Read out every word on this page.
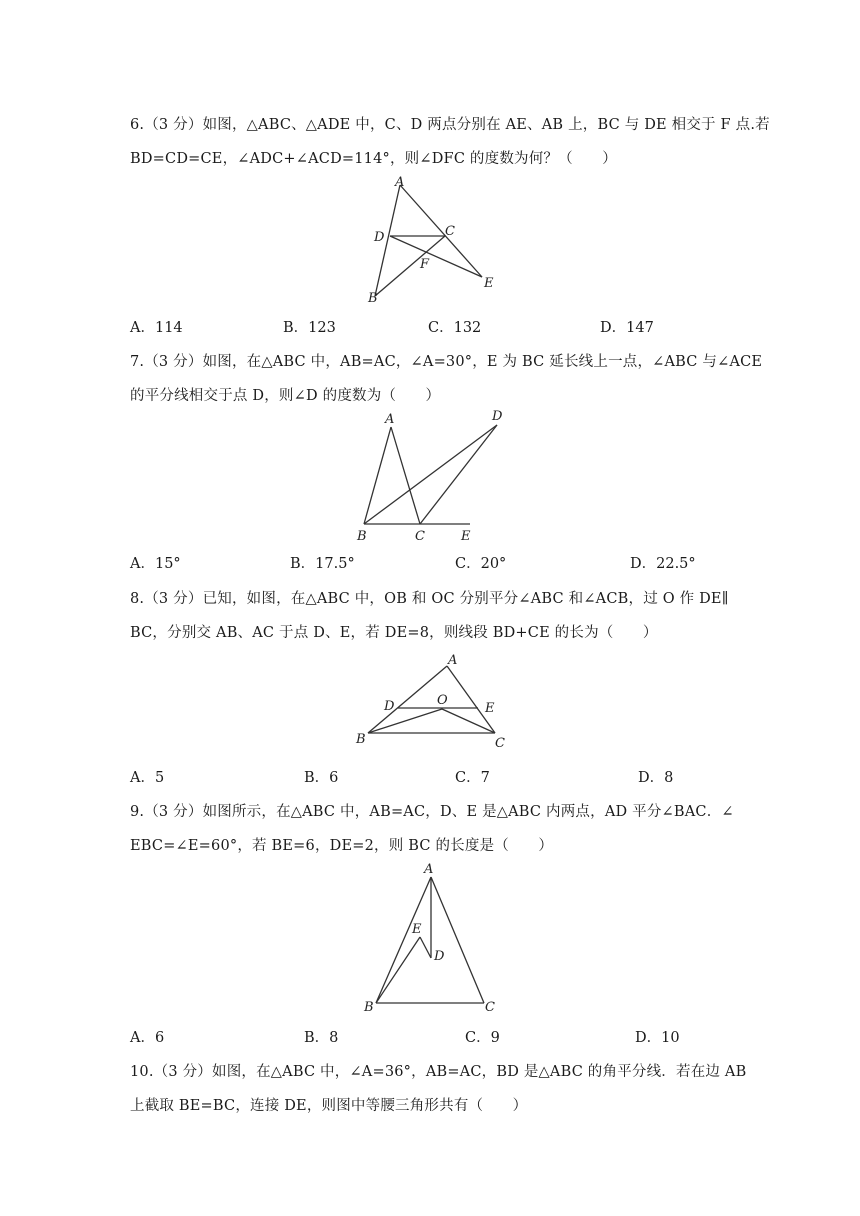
6.（3 分）如图，△ABC、△ADE 中，C、D 两点分别在 AE、AB 上，BC 与 DE 相交于 F 点.若
BD=CD=CE，∠ADC+∠ACD=114°，则∠DFC 的度数为何？（　　）
A
D	C
F
E
B
A．114	B．123	C．132	D．147
7.（3 分）如图，在△ABC 中，AB=AC，∠A=30°，E 为 BC 延长线上一点，∠ABC 与∠ACE
的平分线相交于点 D，则∠D 的度数为（　　）
A	D
B	C	E
A．15°	B．17.5°	C．20°	D．22.5°
8.（3 分）已知，如图，在△ABC 中，OB 和 OC 分别平分∠ABC 和∠ACB，过 O 作 DE∥
BC，分别交 AB、AC 于点 D、E，若 DE=8，则线段 BD+CE 的长为（　　）
A
D	O
E
B	C
A．5	B．6	C．7	D．8
9.（3 分）如图所示，在△ABC 中，AB=AC，D、E 是△ABC 内两点，AD 平分∠BAC．∠
EBC=∠E=60°，若 BE=6，DE=2，则 BC 的长度是（　　）
A
E
D
B	C
A．6	B．8	C．9	D．10
10.（3 分）如图，在△ABC 中，∠A=36°，AB=AC，BD 是△ABC 的角平分线．若在边 AB
上截取 BE=BC，连接 DE，则图中等腰三角形共有（　　）
